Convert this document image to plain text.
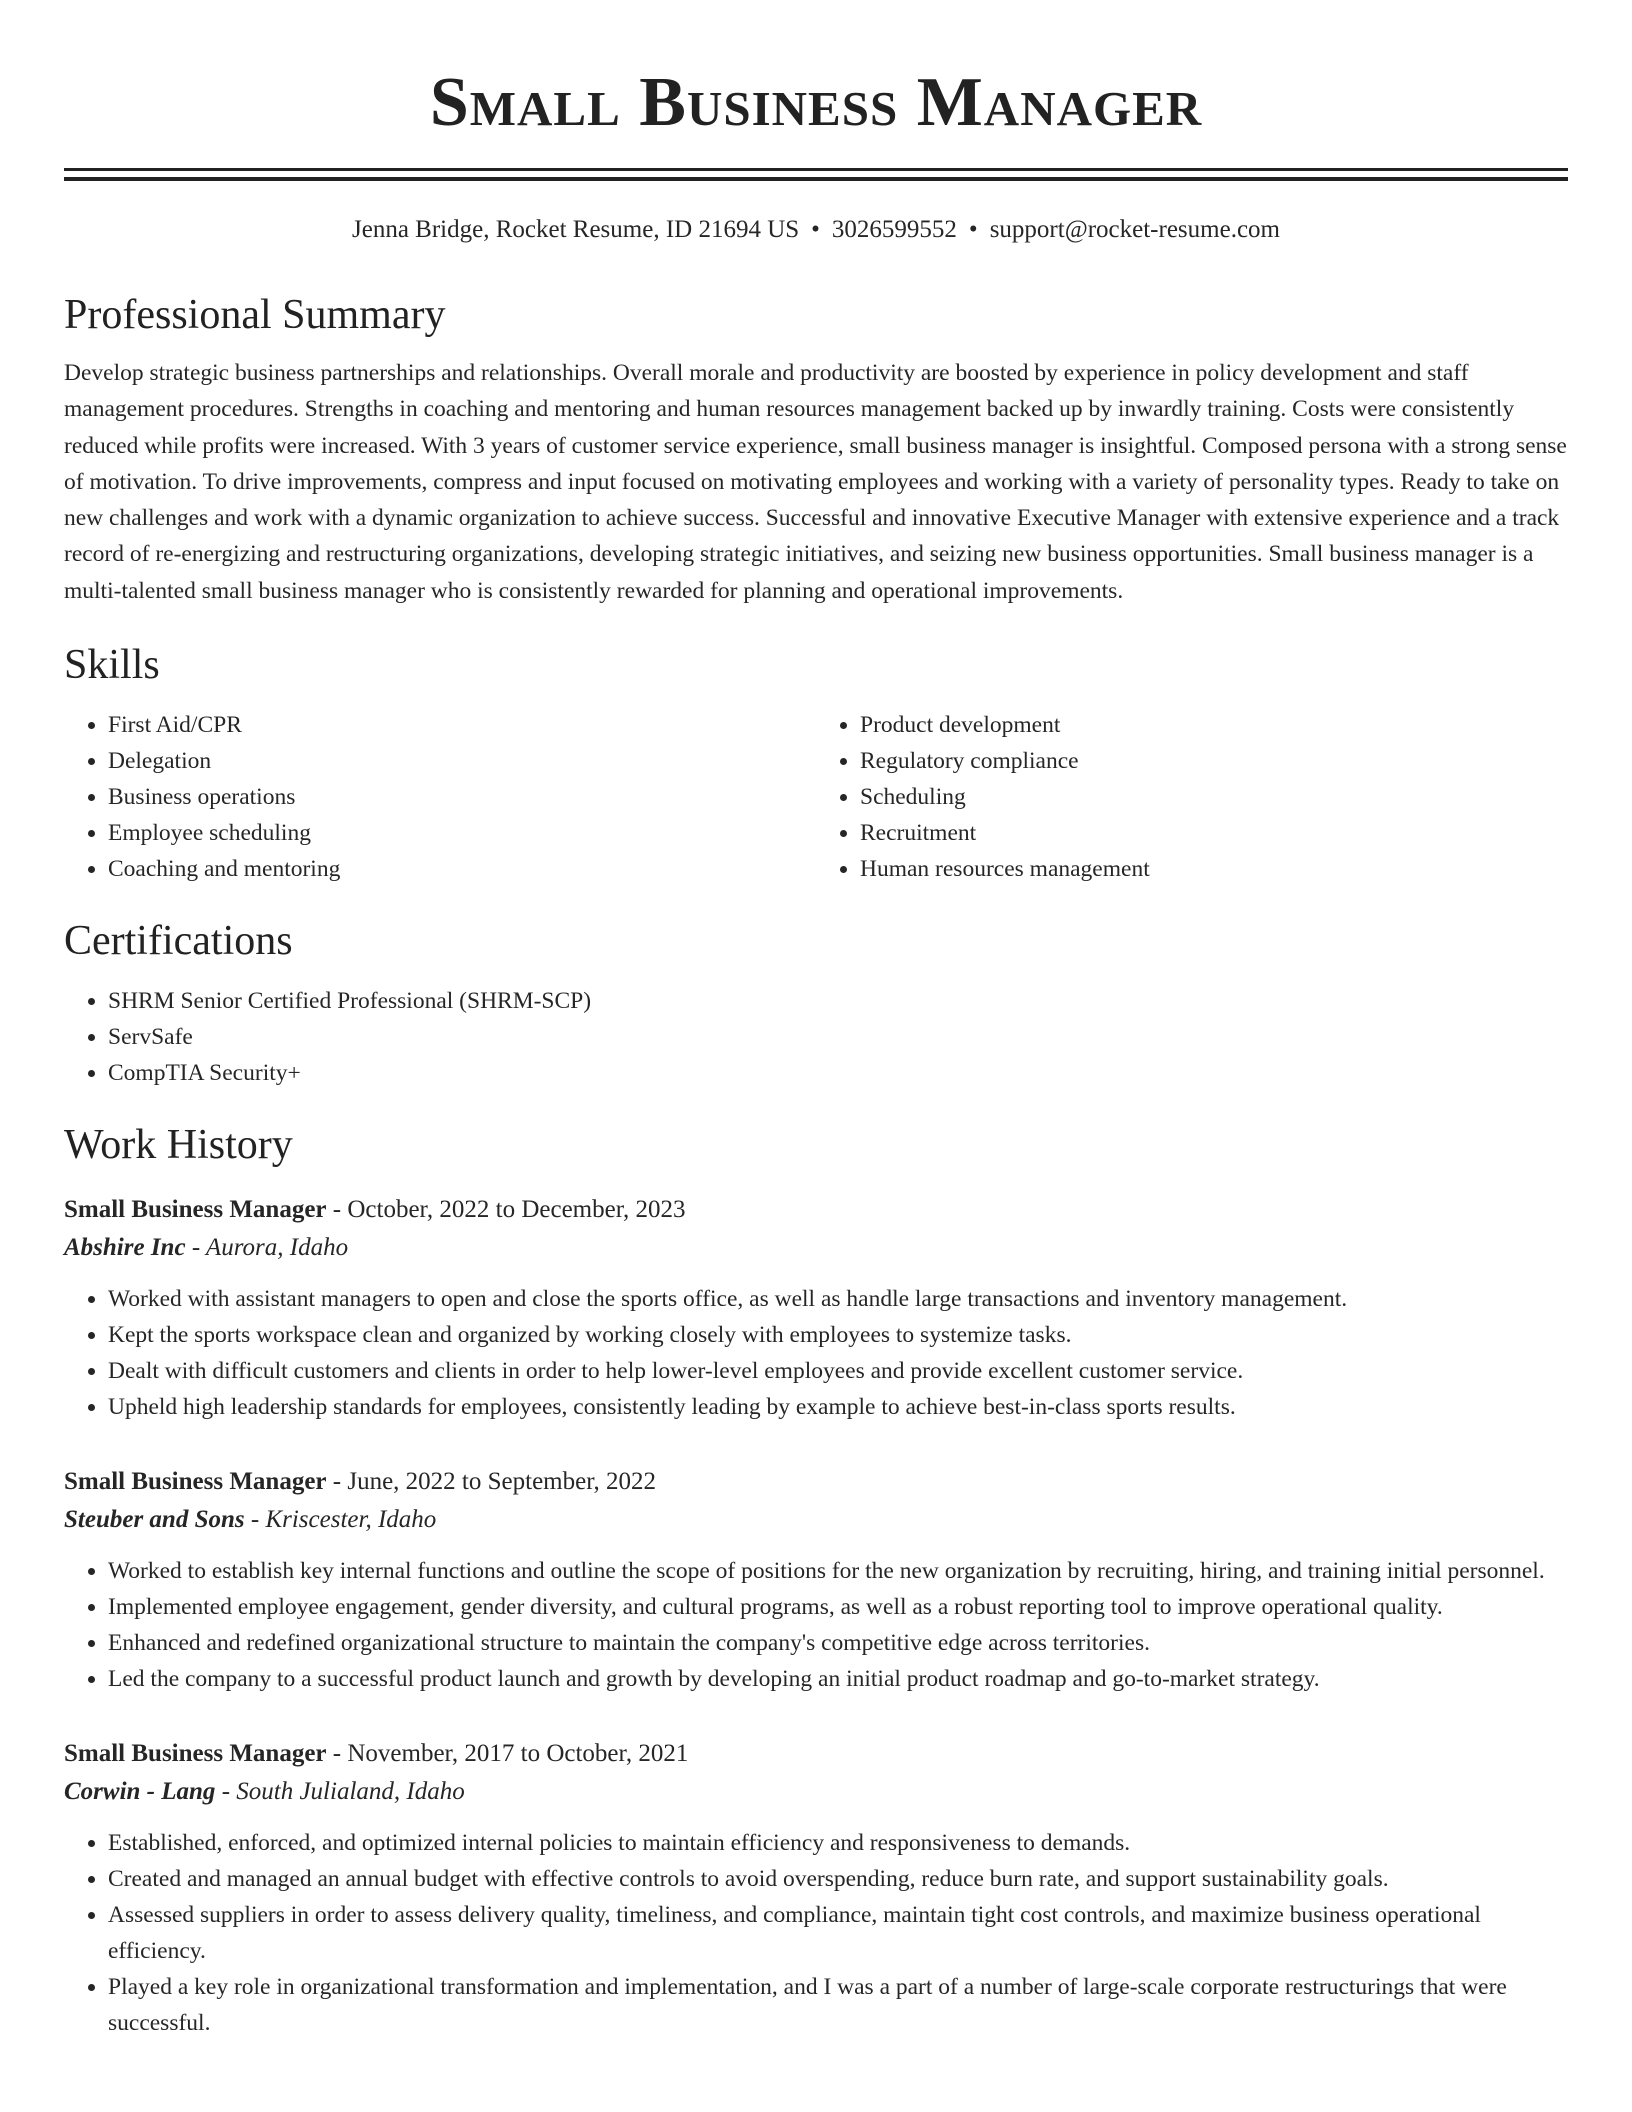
Small Business Manager
Jenna Bridge, Rocket Resume, ID 21694 US • 3026599552 • support@rocket-resume.com
Professional Summary
Develop strategic business partnerships and relationships. Overall morale and productivity are boosted by experience in policy development and staff management procedures. Strengths in coaching and mentoring and human resources management backed up by inwardly training. Costs were consistently reduced while profits were increased. With 3 years of customer service experience, small business manager is insightful. Composed persona with a strong sense of motivation. To drive improvements, compress and input focused on motivating employees and working with a variety of personality types. Ready to take on new challenges and work with a dynamic organization to achieve success. Successful and innovative Executive Manager with extensive experience and a track record of re-energizing and restructuring organizations, developing strategic initiatives, and seizing new business opportunities. Small business manager is a multi-talented small business manager who is consistently rewarded for planning and operational improvements.
Skills
• First Aid/CPR
• Delegation
• Business operations
• Employee scheduling
• Coaching and mentoring
• Product development
• Regulatory compliance
• Scheduling
• Recruitment
• Human resources management
Certifications
• SHRM Senior Certified Professional (SHRM-SCP)
• ServSafe
• CompTIA Security+
Work History
Small Business Manager - October, 2022 to December, 2023
Abshire Inc - Aurora, Idaho
• Worked with assistant managers to open and close the sports office, as well as handle large transactions and inventory management.
• Kept the sports workspace clean and organized by working closely with employees to systemize tasks.
• Dealt with difficult customers and clients in order to help lower-level employees and provide excellent customer service.
• Upheld high leadership standards for employees, consistently leading by example to achieve best-in-class sports results.
Small Business Manager - June, 2022 to September, 2022
Steuber and Sons - Kriscester, Idaho
• Worked to establish key internal functions and outline the scope of positions for the new organization by recruiting, hiring, and training initial personnel.
• Implemented employee engagement, gender diversity, and cultural programs, as well as a robust reporting tool to improve operational quality.
• Enhanced and redefined organizational structure to maintain the company's competitive edge across territories.
• Led the company to a successful product launch and growth by developing an initial product roadmap and go-to-market strategy.
Small Business Manager - November, 2017 to October, 2021
Corwin - Lang - South Julialand, Idaho
• Established, enforced, and optimized internal policies to maintain efficiency and responsiveness to demands.
• Created and managed an annual budget with effective controls to avoid overspending, reduce burn rate, and support sustainability goals.
• Assessed suppliers in order to assess delivery quality, timeliness, and compliance, maintain tight cost controls, and maximize business operational efficiency.
• Played a key role in organizational transformation and implementation, and I was a part of a number of large-scale corporate restructurings that were successful.
